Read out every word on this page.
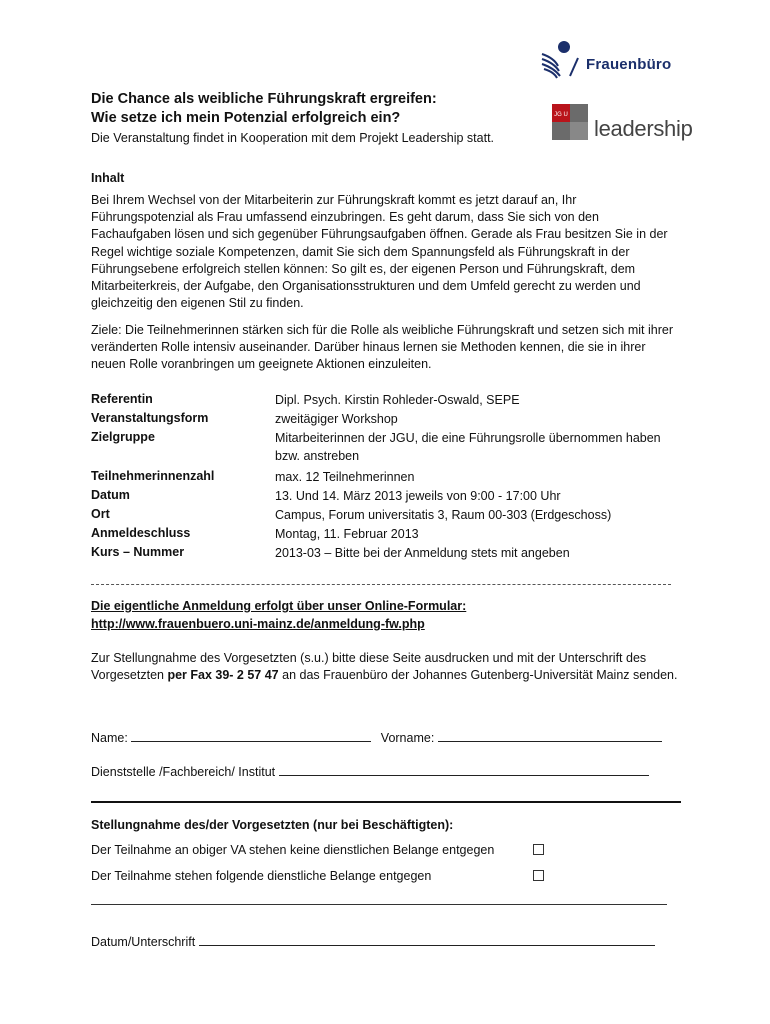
Frauenbüro
JG U
leadership
Die Chance als weibliche Führungskraft ergreifen:
Wie setze ich mein Potenzial erfolgreich ein?
Die Veranstaltung findet in Kooperation mit dem Projekt Leadership statt.
Inhalt
Bei Ihrem Wechsel von der Mitarbeiterin zur Führungskraft kommt es jetzt darauf an, Ihr Führungspotenzial als Frau umfassend einzubringen. Es geht darum, dass Sie sich von den Fachaufgaben lösen und sich gegenüber Führungsaufgaben öffnen. Gerade als Frau besitzen Sie in der Regel wichtige soziale Kompetenzen, damit Sie sich dem Spannungsfeld als Führungskraft in der Führungsebene erfolgreich stellen können: So gilt es, der eigenen Person und Führungskraft, dem Mitarbeiterkreis, der Aufgabe, den Organisationsstrukturen und dem Umfeld gerecht zu werden und gleichzeitig den eigenen Stil zu finden.
Ziele: Die Teilnehmerinnen stärken sich für die Rolle als weibliche Führungskraft und setzen sich mit ihrer veränderten Rolle intensiv auseinander. Darüber hinaus lernen sie Methoden kennen, die sie in ihrer neuen Rolle voranbringen um geeignete Aktionen einzuleiten.
Referentin	Dipl. Psych. Kirstin Rohleder-Oswald, SEPE
Veranstaltungsform	zweitägiger Workshop
Zielgruppe	Mitarbeiterinnen der JGU, die eine Führungsrolle übernommen haben bzw. anstreben
Teilnehmerinnenzahl	max. 12 Teilnehmerinnen
Datum	13. Und 14. März 2013 jeweils von 9:00 - 17:00 Uhr
Ort	Campus, Forum universitatis 3, Raum 00-303 (Erdgeschoss)
Anmeldeschluss	Montag, 11. Februar 2013
Kurs – Nummer	2013-03 – Bitte bei der Anmeldung stets mit angeben
Die eigentliche Anmeldung erfolgt über unser Online-Formular:
http://www.frauenbuero.uni-mainz.de/anmeldung-fw.php
Zur Stellungnahme des Vorgesetzten (s.u.) bitte diese Seite ausdrucken und mit der Unterschrift des Vorgesetzten per Fax 39- 2 57 47 an das Frauenbüro der Johannes Gutenberg-Universität Mainz senden.
Name:	Vorname:
Dienststelle /Fachbereich/ Institut
Stellungnahme des/der Vorgesetzten (nur bei Beschäftigten):
Der Teilnahme an obiger VA stehen keine dienstlichen Belange entgegen
Der Teilnahme stehen folgende dienstliche Belange entgegen
Datum/Unterschrift
